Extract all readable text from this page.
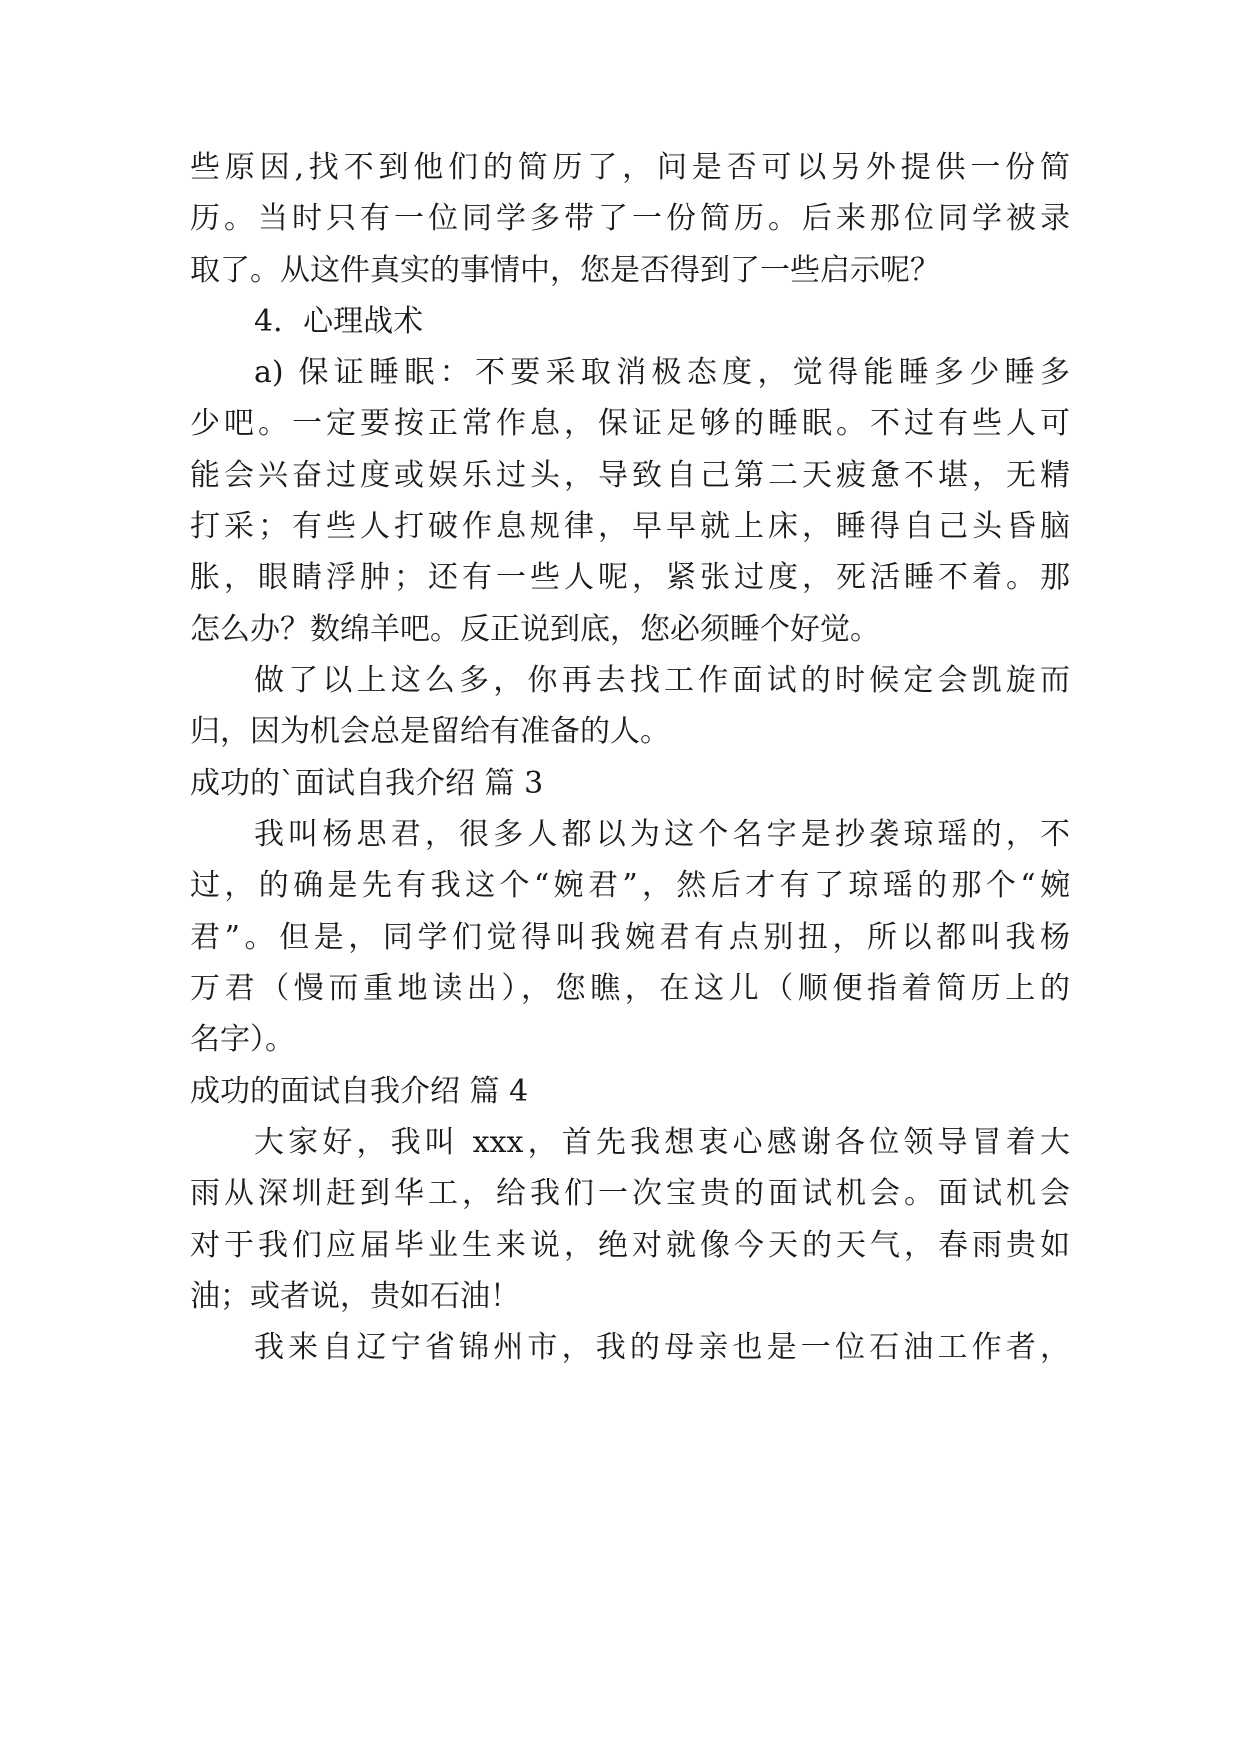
些原因,找不到他们的简历了，问是否可以另外提供一份简

历。当时只有一位同学多带了一份简历。后来那位同学被录

取了。从这件真实的事情中，您是否得到了一些启示呢？

4．心理战术

a) 保证睡眠：不要采取消极态度，觉得能睡多少睡多

少吧。一定要按正常作息，保证足够的睡眠。不过有些人可

能会兴奋过度或娱乐过头，导致自己第二天疲惫不堪，无精

打采；有些人打破作息规律，早早就上床，睡得自己头昏脑

胀，眼睛浮肿；还有一些人呢，紧张过度，死活睡不着。那

怎么办？数绵羊吧。反正说到底，您必须睡个好觉。

做了以上这么多，你再去找工作面试的时候定会凯旋而

归，因为机会总是留给有准备的人。

成功的`面试自我介绍 篇 3

我叫杨思君，很多人都以为这个名字是抄袭琼瑶的，不

过，的确是先有我这个“婉君”，然后才有了琼瑶的那个“婉

君”。但是，同学们觉得叫我婉君有点别扭，所以都叫我杨

万君（慢而重地读出），您瞧，在这儿（顺便指着简历上的

名字）。

成功的面试自我介绍 篇 4

大家好，我叫 xxx，首先我想衷心感谢各位领导冒着大

雨从深圳赶到华工，给我们一次宝贵的面试机会。面试机会

对于我们应届毕业生来说，绝对就像今天的天气，春雨贵如

油；或者说，贵如石油！

我来自辽宁省锦州市，我的母亲也是一位石油工作者，
